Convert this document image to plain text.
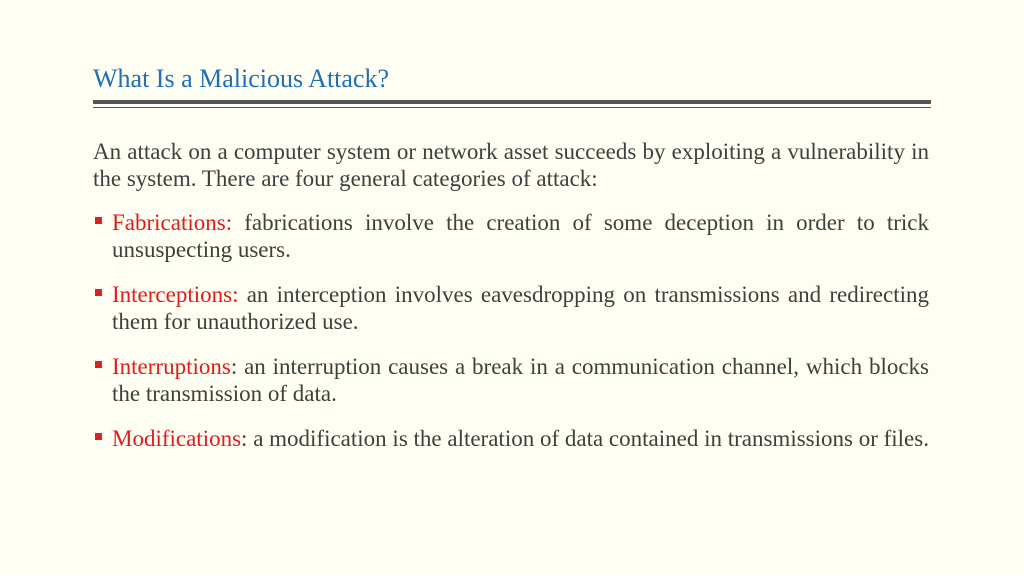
What Is a Malicious Attack?

An attack on a computer system or network asset succeeds by exploiting a vulnerability in the system. There are four general categories of attack:

Fabrications: fabrications involve the creation of some deception in order to trick unsuspecting users.
Interceptions: an interception involves eavesdropping on transmissions and redirecting them for unauthorized use.
Interruptions: an interruption causes a break in a communication channel, which blocks the transmission of data.
Modifications: a modification is the alteration of data contained in transmissions or files.
